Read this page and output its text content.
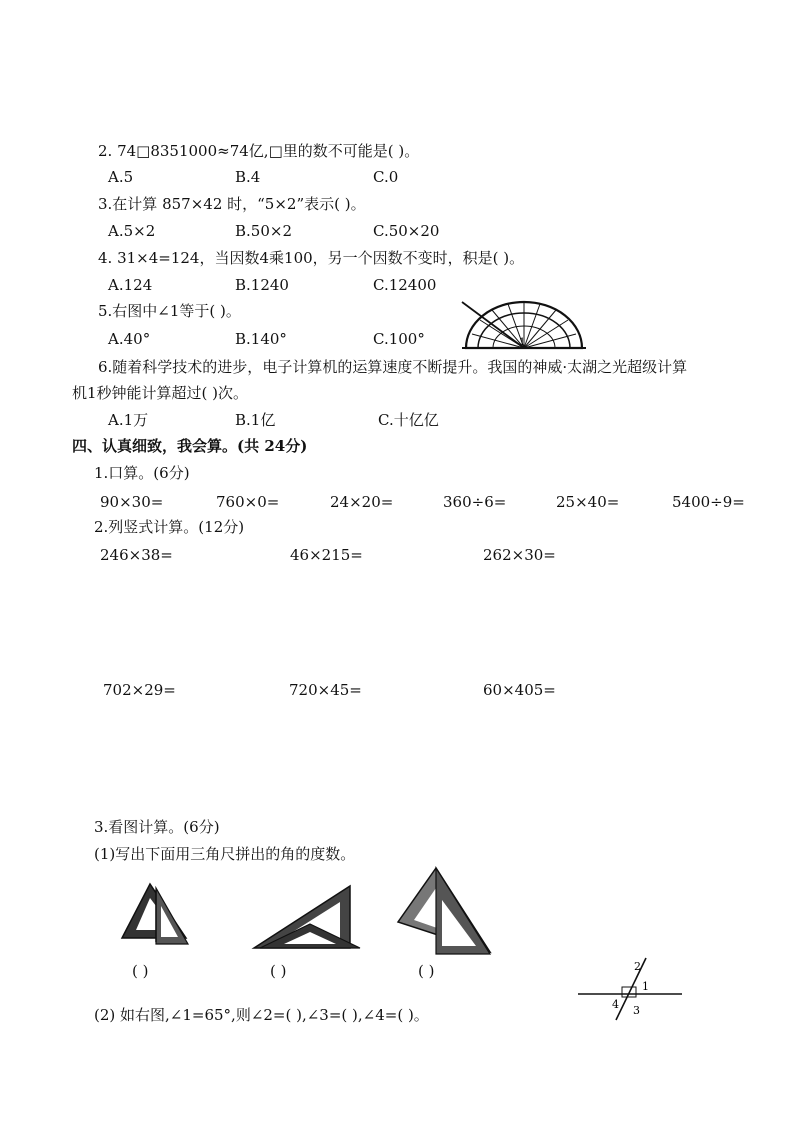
2. 74□8351000≈74亿,□里的数不可能是( )。
A.5	B.4	C.0
3.在计算 857×42 时，“5×2”表示( )。
A.5×2	B.50×2	C.50×20
4. 31×4=124，当因数4乘100，另一个因数不变时，积是( )。
A.124	B.1240	C.12400
5.右图中∠1等于( )。
A.40°	B.140°	C.100°	1
6.随着科学技术的进步，电子计算机的运算速度不断提升。我国的神威·太湖之光超级计算
机1秒钟能计算超过( )次。
A.1万	B.1亿	C.十亿亿
四、认真细致，我会算。(共 24分)
1.口算。(6分)
90×30=	760×0=	24×20=	360÷6=	25×40=	5400÷9=
2.列竖式计算。(12分)
246×38=	46×215=	262×30=
702×29=	720×45=	60×405=
3.看图计算。(6分)
(1)写出下面用三角尺拼出的角的度数。
( )	( )	( )
(2) 如右图,∠1=65°,则∠2=( ),∠3=( ),∠4=( )。
2
1
4 3
